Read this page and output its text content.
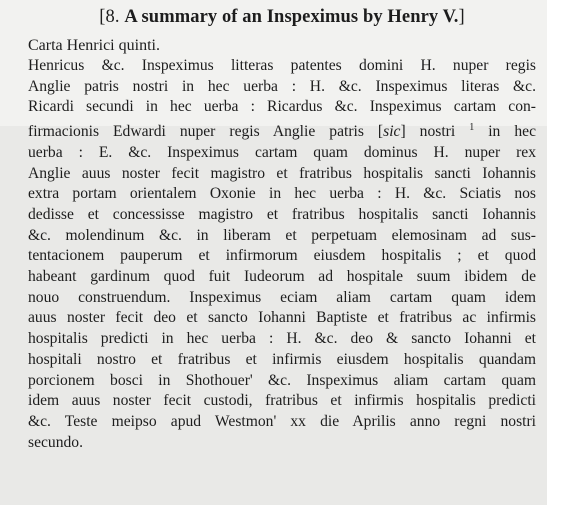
[8. A summary of an Inspeximus by Henry V.]

Carta Henrici quinti.

Henricus &c. Inspeximus litteras patentes domini H. nuper regis
Anglie patris nostri in hec uerba : H. &c. Inspeximus literas &c.
Ricardi secundi in hec uerba : Ricardus &c. Inspeximus cartam con-
firmacionis Edwardi nuper regis Anglie patris [sic] nostri $^1$ in hec
uerba : E. &c. Inspeximus cartam quam dominus H. nuper rex
Anglie auus noster fecit magistro et fratribus hospitalis sancti Iohannis
extra portam orientalem Oxonie in hec uerba : H. &c. Sciatis nos
dedisse et concessisse magistro et fratribus hospitalis sancti Iohannis
&c. molendinum &c. in liberam et perpetuam elemosinam ad sus-
tentacionem pauperum et infirmorum eiusdem hospitalis ; et quod
habeant gardinum quod fuit Iudeorum ad hospitale suum ibidem de
nouo construendum. Inspeximus eciam aliam cartam quam idem
auus noster fecit deo et sancto Iohanni Baptiste et fratribus ac infirmis
hospitalis predicti in hec uerba : H. &c. deo & sancto Iohanni et
hospitali nostro et fratribus et infirmis eiusdem hospitalis quandam
porcionem bosci in Shothouer' &c. Inspeximus aliam cartam quam
idem auus noster fecit custodi, fratribus et infirmis hospitalis predicti
&c. Teste meipso apud Westmon' xx die Aprilis anno regni nostri
secundo.
